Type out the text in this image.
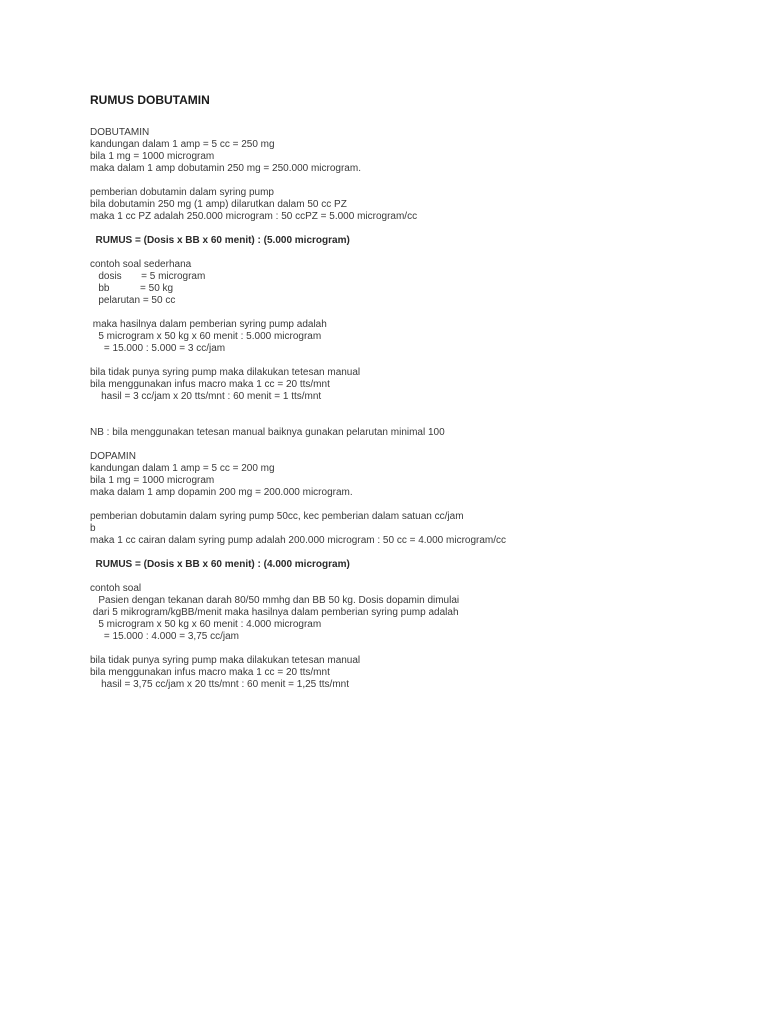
RUMUS DOBUTAMIN
DOBUTAMIN
kandungan dalam 1 amp = 5 cc = 250 mg
bila 1 mg = 1000 microgram
maka dalam 1 amp dobutamin 250 mg = 250.000 microgram.
pemberian dobutamin dalam syring pump
bila dobutamin 250 mg (1 amp) dilarutkan dalam 50 cc PZ
maka 1 cc PZ adalah 250.000 microgram : 50 ccPZ = 5.000 microgram/cc
RUMUS = (Dosis x BB x 60 menit) : (5.000 microgram)
contoh soal sederhana
dosis       = 5 microgram
bb           = 50 kg
pelarutan = 50 cc
maka hasilnya dalam pemberian syring pump adalah
5 microgram x 50 kg x 60 menit : 5.000 microgram
= 15.000 : 5.000 = 3 cc/jam
bila tidak punya syring pump maka dilakukan tetesan manual
bila menggunakan infus macro maka 1 cc = 20 tts/mnt
hasil = 3 cc/jam x 20 tts/mnt : 60 menit = 1 tts/mnt
NB : bila menggunakan tetesan manual baiknya gunakan pelarutan minimal 100
DOPAMIN
kandungan dalam 1 amp = 5 cc = 200 mg
bila 1 mg = 1000 microgram
maka dalam 1 amp dopamin 200 mg = 200.000 microgram.
pemberian dobutamin dalam syring pump 50cc, kec pemberian dalam satuan cc/jam
b
maka 1 cc cairan dalam syring pump adalah 200.000 microgram : 50 cc = 4.000 microgram/cc
RUMUS = (Dosis x BB x 60 menit) : (4.000 microgram)
contoh soal
Pasien dengan tekanan darah 80/50 mmhg dan BB 50 kg. Dosis dopamin dimulai
dari 5 mikrogram/kgBB/menit maka hasilnya dalam pemberian syring pump adalah
5 microgram x 50 kg x 60 menit : 4.000 microgram
= 15.000 : 4.000 = 3,75 cc/jam
bila tidak punya syring pump maka dilakukan tetesan manual
bila menggunakan infus macro maka 1 cc = 20 tts/mnt
hasil = 3,75 cc/jam x 20 tts/mnt : 60 menit = 1,25 tts/mnt
